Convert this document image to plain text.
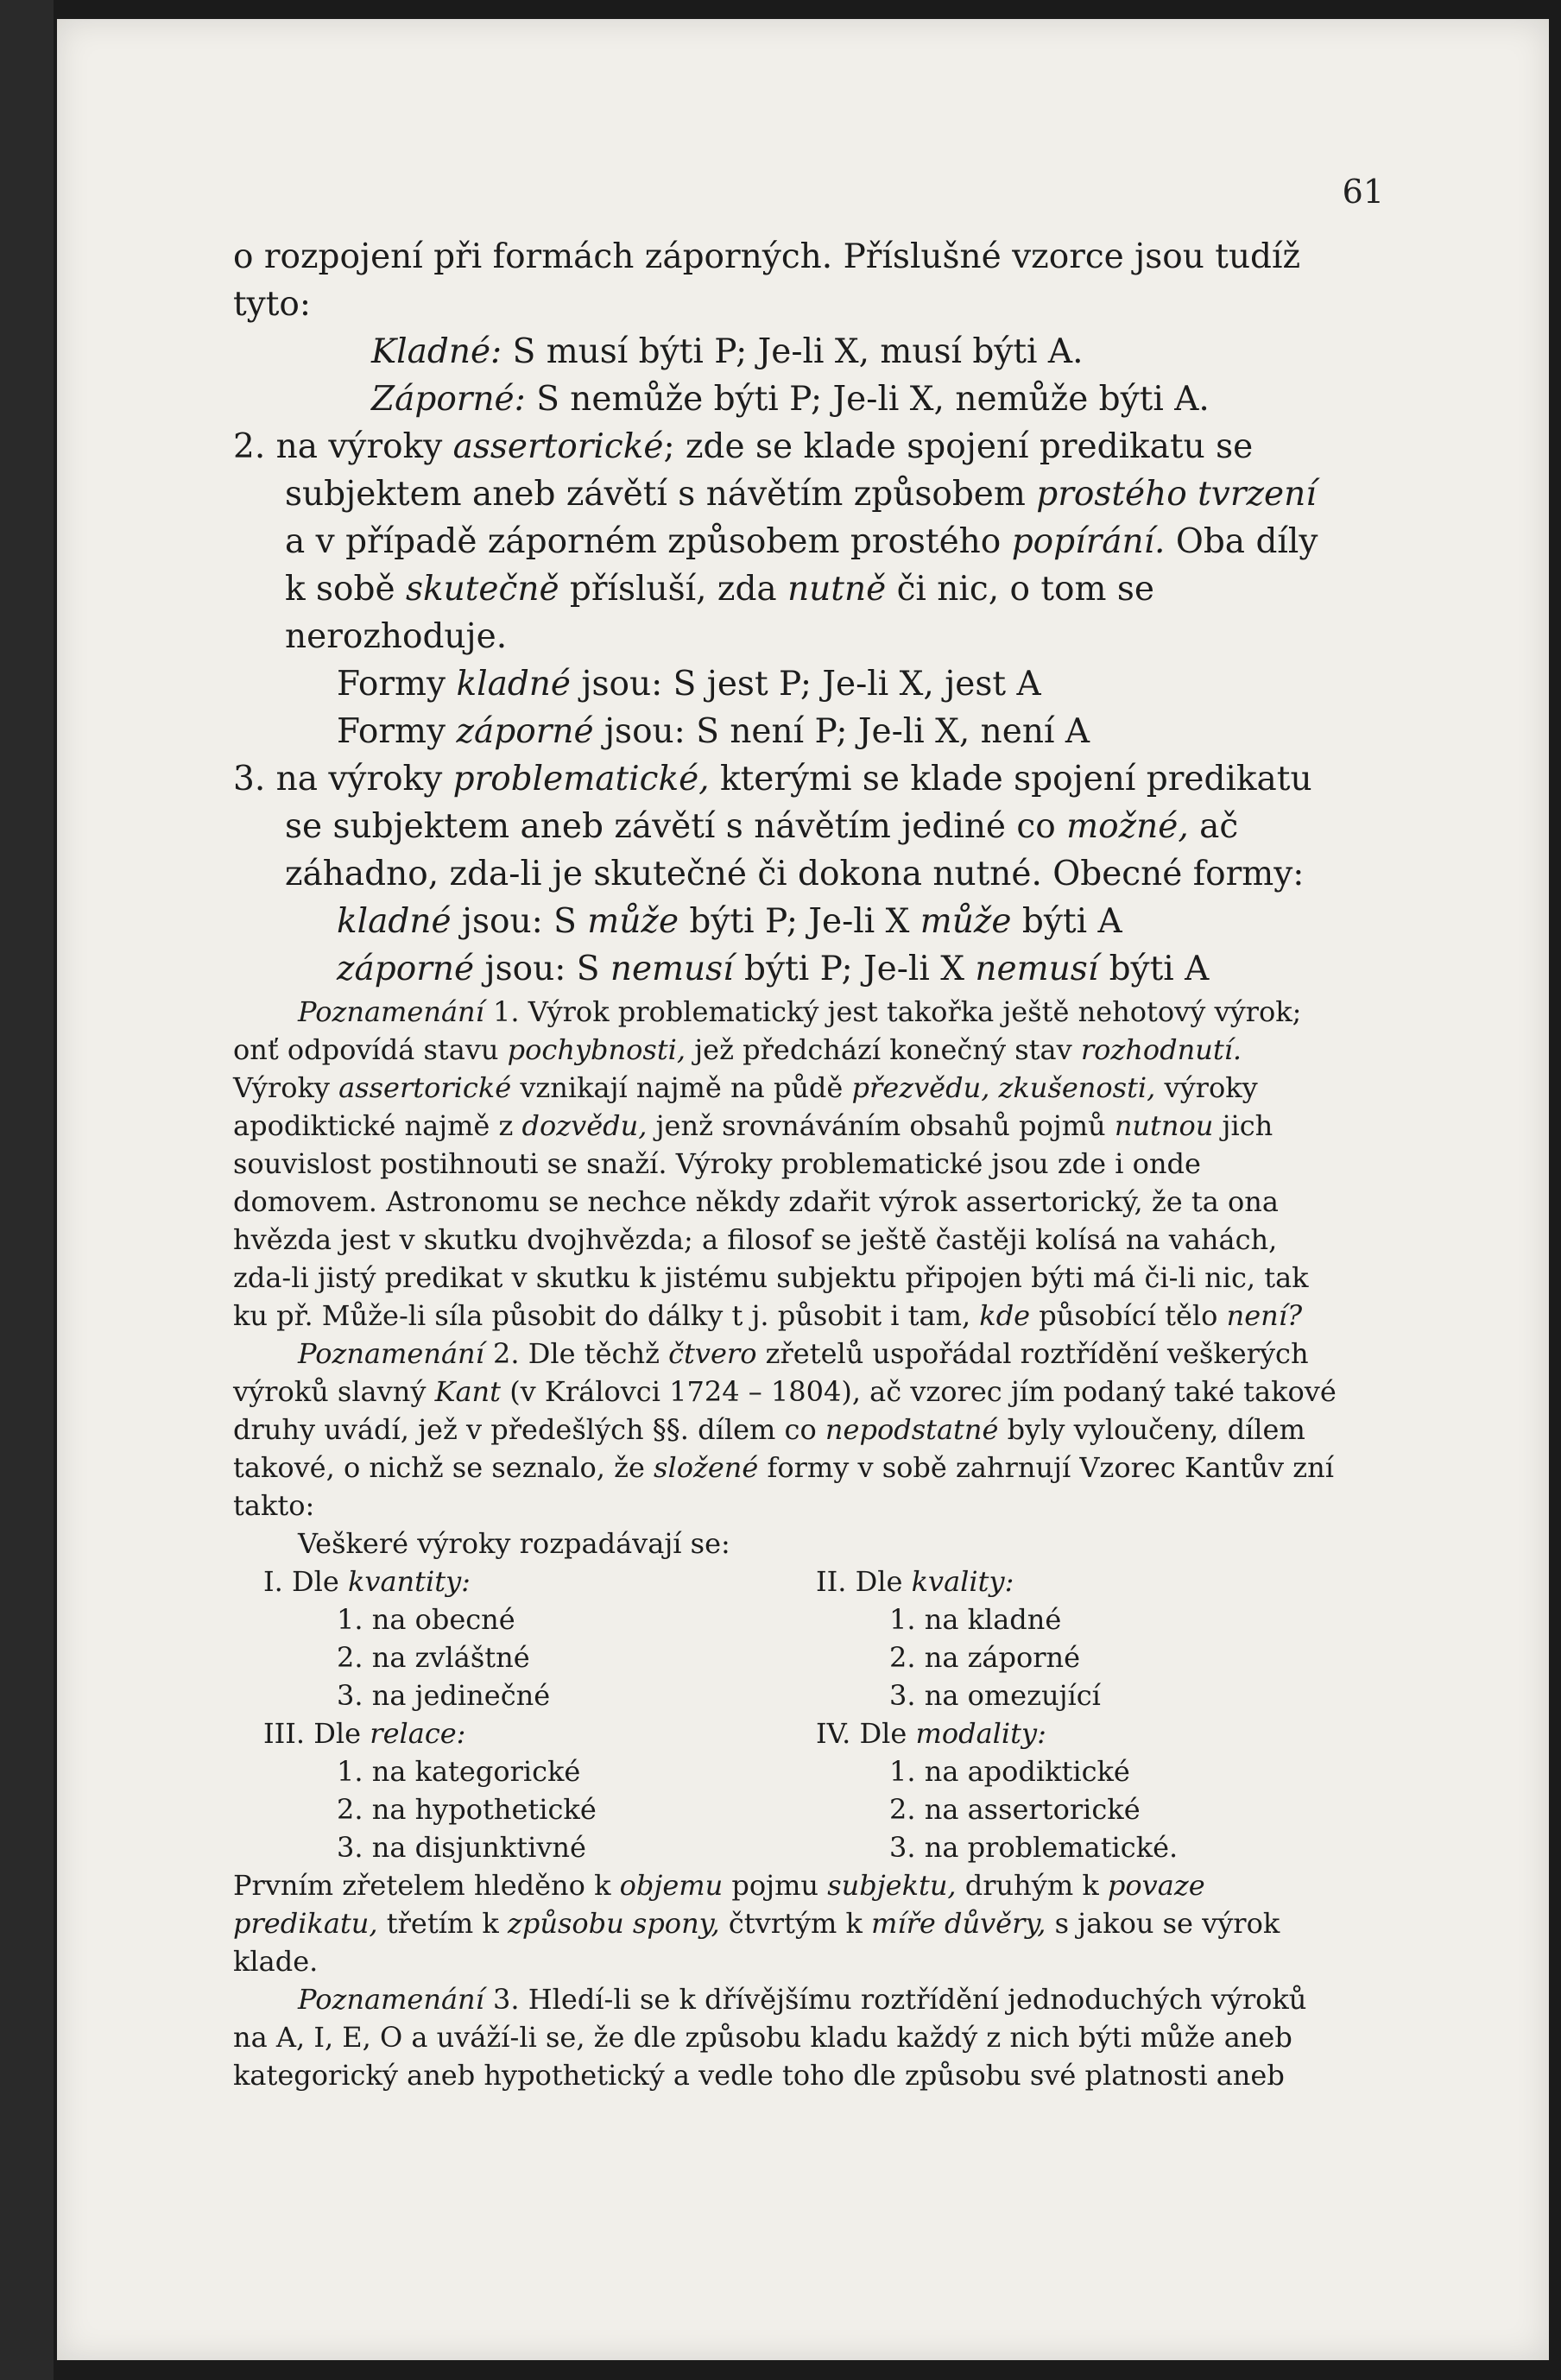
61

o rozpojení při formách záporných. Příslušné vzorce jsou tudíž tyto:

Kladné: S musí býti P; Je-li X, musí býti A.

Záporné: S nemůže býti P; Je-li X, nemůže býti A.

2. na výroky assertorické; zde se klade spojení predikatu se subjektem aneb závětí s návětím způsobem prostého tvrzení a v případě záporném způsobem prostého popírání. Oba díly k sobě skutečně přísluší, zda nutně či nic, o tom se nerozhoduje.

Formy kladné jsou: S jest P; Je-li X, jest A

Formy záporné jsou: S není P; Je-li X, není A

3. na výroky problematické, kterými se klade spojení predikatu se subjektem aneb závětí s návětím jediné co možné, ač záhadno, zda-li je skutečné či dokona nutné. Obecné formy:

kladné jsou: S může býti P; Je-li X může býti A

záporné jsou: S nemusí býti P; Je-li X nemusí býti A

Poznamenání 1. Výrok problematický jest takořka ještě nehotový výrok; onť odpovídá stavu pochybnosti, jež předchází konečný stav rozhodnutí. Výroky assertorické vznikají najmě na půdě přezvědu, zkušenosti, výroky apodiktické najmě z dozvědu, jenž srovnáváním obsahů pojmů nutnou jich souvislost postihnouti se snaží. Výroky problematické jsou zde i onde domovem. Astronomu se nechce někdy zdařit výrok assertorický, že ta ona hvězda jest v skutku dvojhvězda; a filosof se ještě častěji kolísá na vahách, zda-li jistý predikat v skutku k jistému subjektu připojen býti má či-li nic, tak ku př. Může-li síla působit do dálky t j. působit i tam, kde působící tělo není?

Poznamenání 2. Dle těchž čtvero zřetelů uspořádal roztřídění veškerých výroků slavný Kant (v Královci 1724 – 1804), ač vzorec jím podaný také takové druhy uvádí, jež v předešlých §§. dílem co nepodstatné byly vyloučeny, dílem takové, o nichž se seznalo, že složené formy v sobě zahrnují Vzorec Kantův zní takto:

Veškeré výroky rozpadávají se:

I. Dle kvantity:
1. na obecné
2. na zvláštné
3. na jedinečné
II. Dle kvality:
1. na kladné
2. na záporné
3. na omezující
III. Dle relace:
1. na kategorické
2. na hypothetické
3. na disjunktivné
IV. Dle modality:
1. na apodiktické
2. na assertorické
3. na problematické.

Prvním zřetelem hleděno k objemu pojmu subjektu, druhým k povaze predikatu, třetím k způsobu spony, čtvrtým k míře důvěry, s jakou se výrok klade.

Poznamenání 3. Hledí-li se k dřívějšímu roztřídění jednoduchých výroků na A, I, E, O a uváží-li se, že dle způsobu kladu každý z nich býti může aneb kategorický aneb hypothetický a vedle toho dle způsobu své platnosti aneb
